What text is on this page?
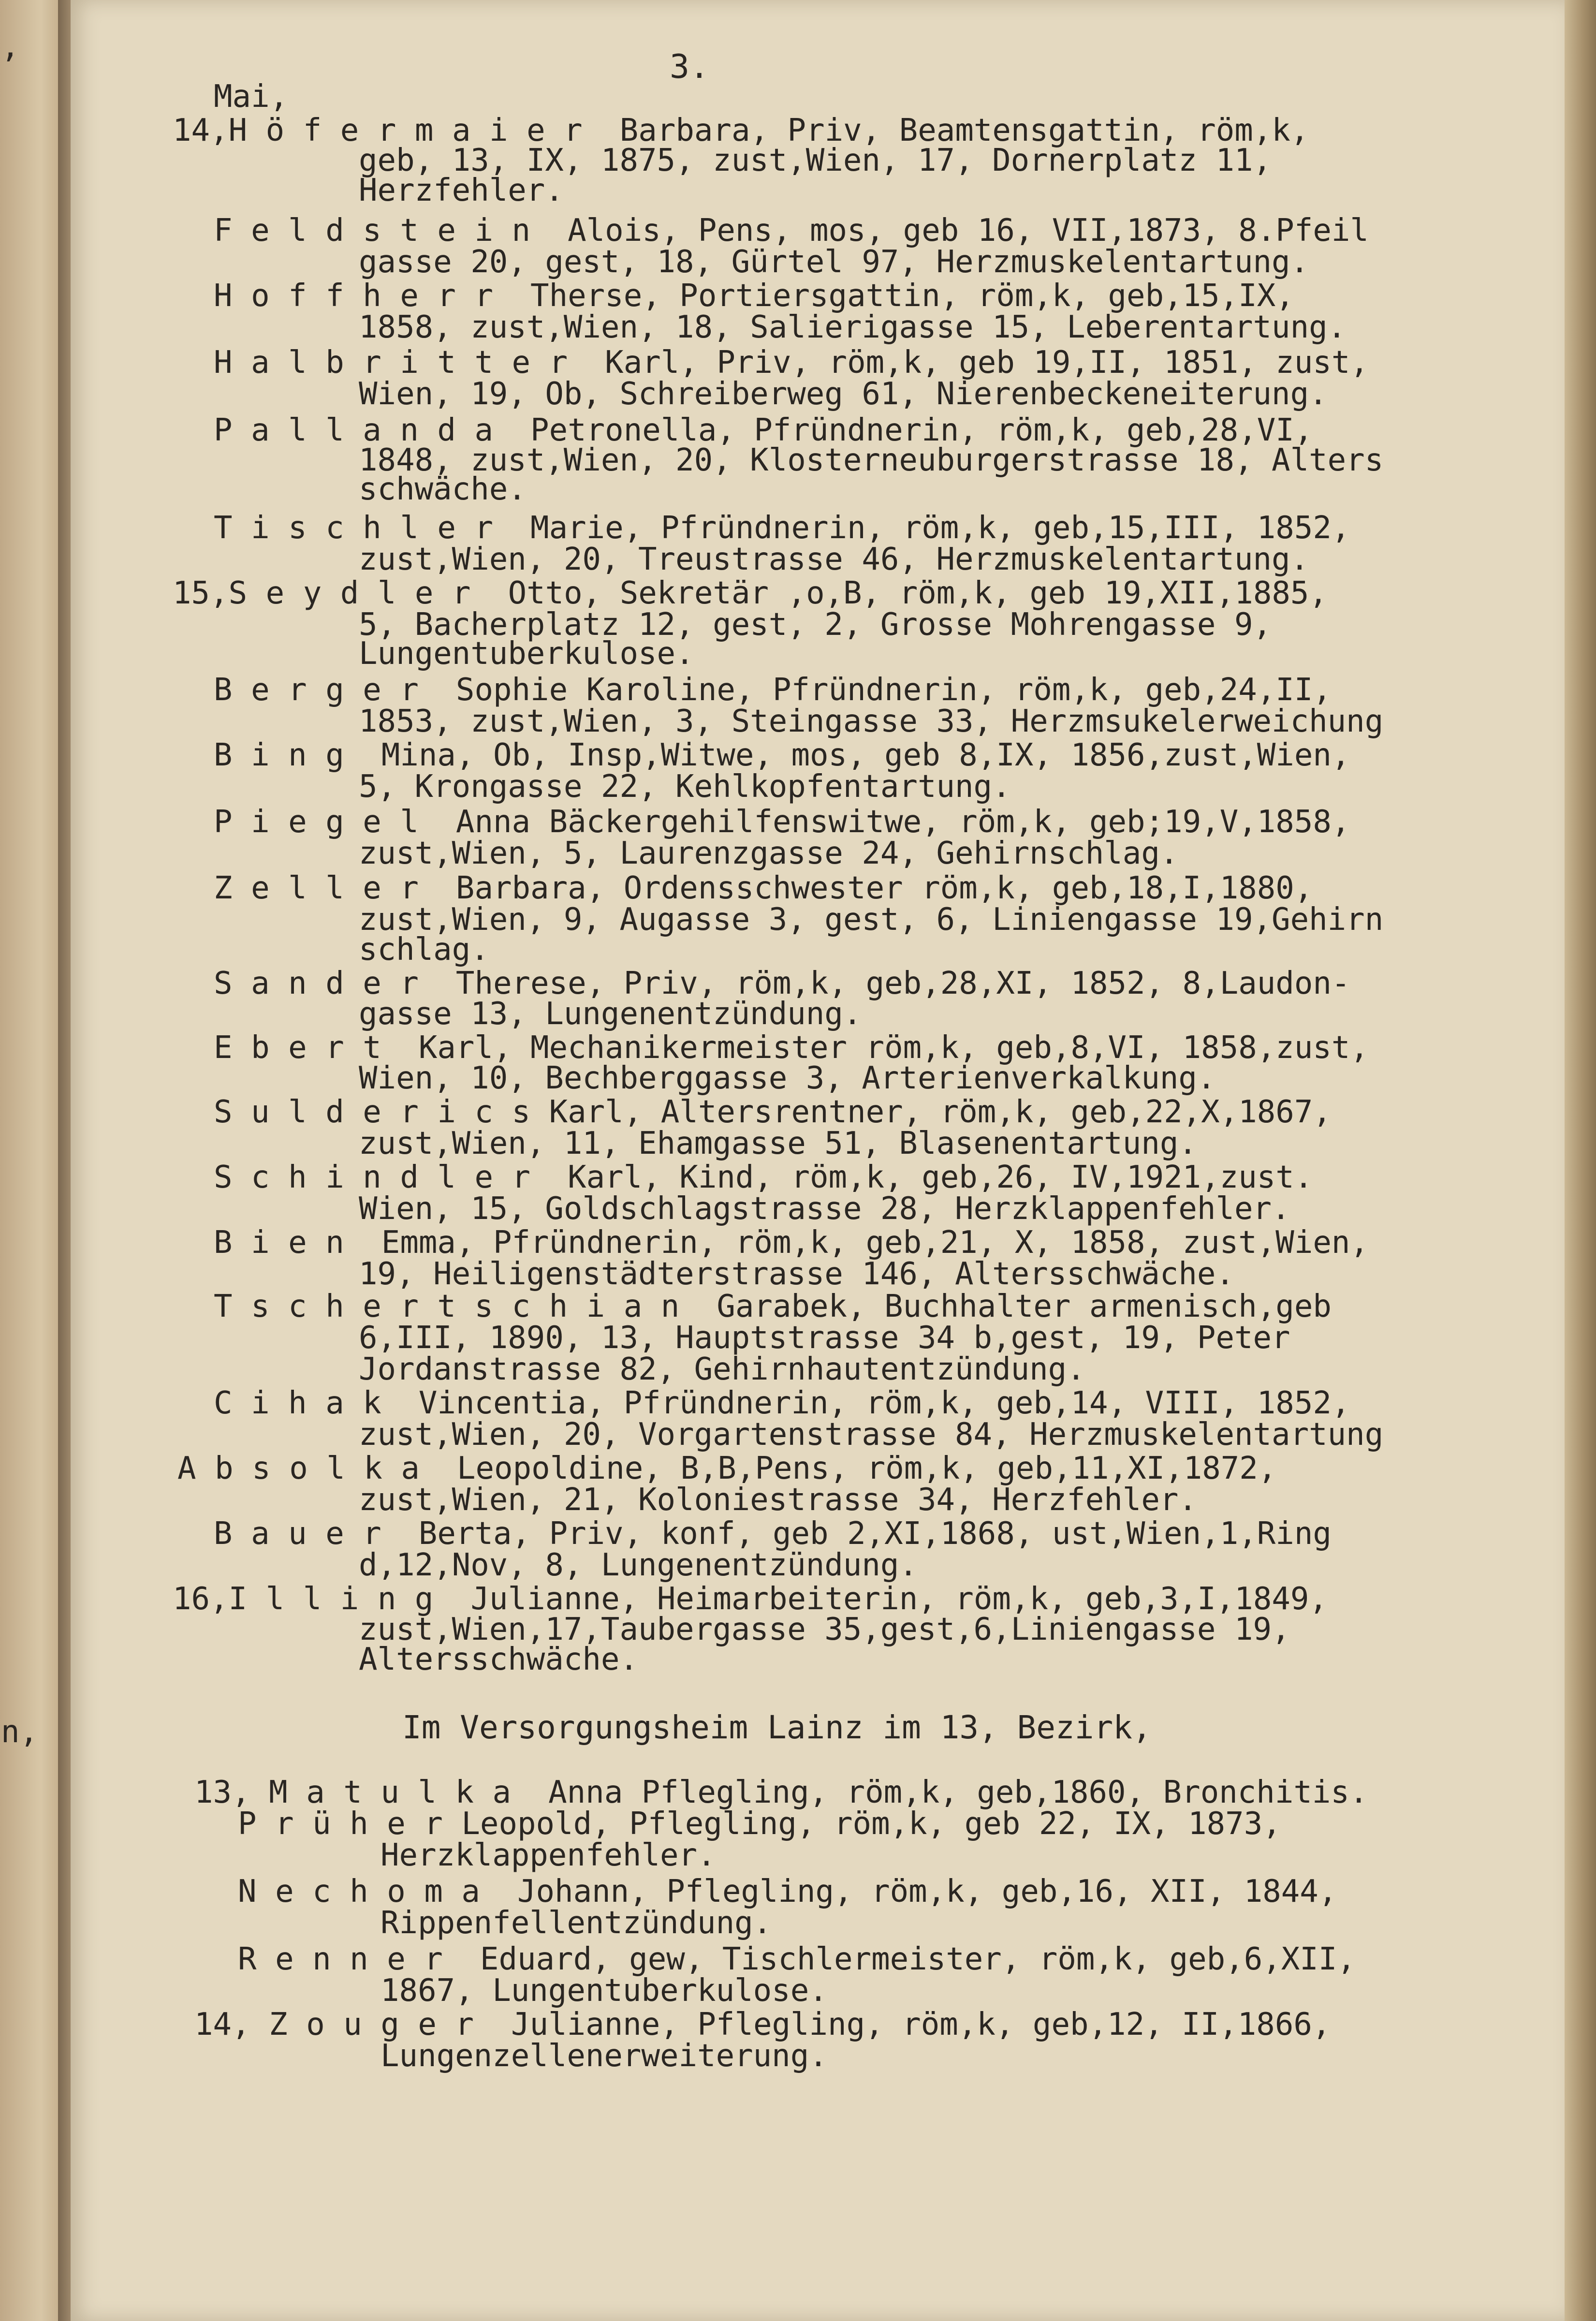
,
n,
3.
Mai,
14,H ö f e r m a i e r  Barbara, Priv, Beamtensgattin, röm,k,
geb, 13, IX, 1875, zust,Wien, 17, Dornerplatz 11,
Herzfehler.
F e l d s t e i n  Alois, Pens, mos, geb 16, VII,1873, 8.Pfeil
gasse 20, gest, 18, Gürtel 97, Herzmuskelentartung.
H o f f h e r r  Therse, Portiersgattin, röm,k, geb,15,IX,
1858, zust,Wien, 18, Salierigasse 15, Leberentartung.
H a l b r i t t e r  Karl, Priv, röm,k, geb 19,II, 1851, zust,
Wien, 19, Ob, Schreiberweg 61, Nierenbeckeneiterung.
P a l l a n d a  Petronella, Pfründnerin, röm,k, geb,28,VI,
1848, zust,Wien, 20, Klosterneuburgerstrasse 18, Alters
schwäche.
T i s c h l e r  Marie, Pfründnerin, röm,k, geb,15,III, 1852,
zust,Wien, 20, Treustrasse 46, Herzmuskelentartung.
15,S e y d l e r  Otto, Sekretär ,o,B, röm,k, geb 19,XII,1885,
5, Bacherplatz 12, gest, 2, Grosse Mohrengasse 9,
Lungentuberkulose.
B e r g e r  Sophie Karoline, Pfründnerin, röm,k, geb,24,II,
1853, zust,Wien, 3, Steingasse 33, Herzmsukelerweichung
B i n g  Mina, Ob, Insp,Witwe, mos, geb 8,IX, 1856,zust,Wien,
5, Krongasse 22, Kehlkopfentartung.
P i e g e l  Anna Bäckergehilfenswitwe, röm,k, geb;19,V,1858,
zust,Wien, 5, Laurenzgasse 24, Gehirnschlag.
Z e l l e r  Barbara, Ordensschwester röm,k, geb,18,I,1880,
zust,Wien, 9, Augasse 3, gest, 6, Liniengasse 19,Gehirn
schlag.
S a n d e r  Therese, Priv, röm,k, geb,28,XI, 1852, 8,Laudon-
gasse 13, Lungenentzündung.
E b e r t  Karl, Mechanikermeister röm,k, geb,8,VI, 1858,zust,
Wien, 10, Bechberggasse 3, Arterienverkalkung.
S u l d e r i c s Karl, Altersrentner, röm,k, geb,22,X,1867,
zust,Wien, 11, Ehamgasse 51, Blasenentartung.
S c h i n d l e r  Karl, Kind, röm,k, geb,26, IV,1921,zust.
Wien, 15, Goldschlagstrasse 28, Herzklappenfehler.
B i e n  Emma, Pfründnerin, röm,k, geb,21, X, 1858, zust,Wien,
19, Heiligenstädterstrasse 146, Altersschwäche.
T s c h e r t s c h i a n  Garabek, Buchhalter armenisch,geb
6,III, 1890, 13, Hauptstrasse 34 b,gest, 19, Peter
Jordanstrasse 82, Gehirnhautentzündung.
C i h a k  Vincentia, Pfründnerin, röm,k, geb,14, VIII, 1852,
zust,Wien, 20, Vorgartenstrasse 84, Herzmuskelentartung
A b s o l k a  Leopoldine, B,B,Pens, röm,k, geb,11,XI,1872,
zust,Wien, 21, Koloniestrasse 34, Herzfehler.
B a u e r  Berta, Priv, konf, geb 2,XI,1868, ust,Wien,1,Ring
d,12,Nov, 8, Lungenentzündung.
16,I l l i n g  Julianne, Heimarbeiterin, röm,k, geb,3,I,1849,
zust,Wien,17,Taubergasse 35,gest,6,Liniengasse 19,
Altersschwäche.
Im Versorgungsheim Lainz im 13, Bezirk,
13, M a t u l k a  Anna Pflegling, röm,k, geb,1860, Bronchitis.
P r ü h e r Leopold, Pflegling, röm,k, geb 22, IX, 1873,
Herzklappenfehler.
N e c h o m a  Johann, Pflegling, röm,k, geb,16, XII, 1844,
Rippenfellentzündung.
R e n n e r  Eduard, gew, Tischlermeister, röm,k, geb,6,XII,
1867, Lungentuberkulose.
14, Z o u g e r  Julianne, Pflegling, röm,k, geb,12, II,1866,
Lungenzellenerweiterung.
